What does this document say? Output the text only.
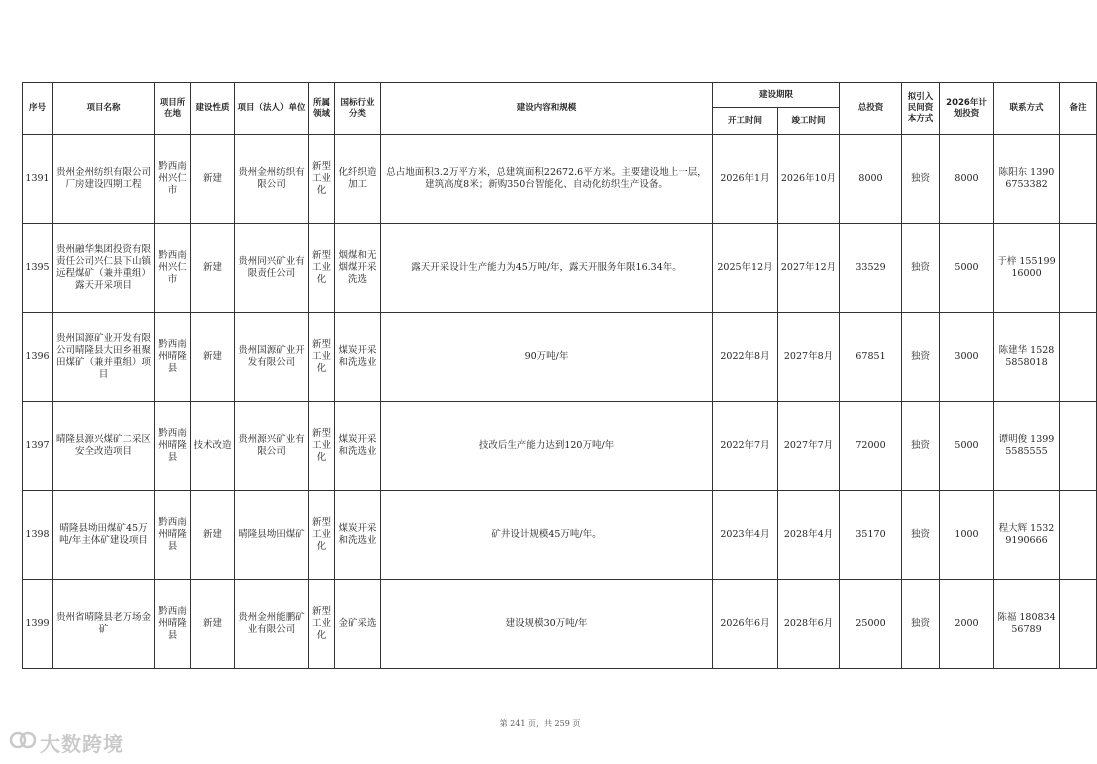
序号	项目名称	项目所在地	建设性质	项目（法人）单位	所属领域	国标行业分类	建设内容和规模	建设期限		总投资	拟引入民间资本方式	2026年计划投资	联系方式	备注
								开工时间	竣工时间					
1391	贵州金州纺织有限公司厂房建设四期工程	黔西南州兴仁市	新建	贵州金州纺织有限公司	新型工业化	化纤织造加工	总占地面积3.2万平方米，总建筑面积22672.6平方米。主要建设地上一层，建筑高度8米；新购350台智能化、自动化纺织生产设备。	2026年1月	2026年10月	8000	独资	8000	陈阳东 13906753382	
1395	贵州融华集团投资有限责任公司兴仁县下山镇远程煤矿（兼并重组）露天开采项目	黔西南州兴仁市	新建	贵州同兴矿业有限责任公司	新型工业化	烟煤和无烟煤开采洗选	露天开采设计生产能力为45万吨/年，露天开服务年限16.34年。	2025年12月	2027年12月	33529	独资	5000	于梓 15519916000	
1396	贵州国源矿业开发有限公司晴隆县大田乡祖聚田煤矿（兼并重组）项目	黔西南州晴隆县	新建	贵州国源矿业开发有限公司	新型工业化	煤炭开采和洗选业	90万吨/年	2022年8月	2027年8月	67851	独资	3000	陈建华 15285858018	
1397	晴隆县源兴煤矿二采区安全改造项目	黔西南州晴隆县	技术改造	贵州源兴矿业有限公司	新型工业化	煤炭开采和洗选业	技改后生产能力达到120万吨/年	2022年7月	2027年7月	72000	独资	5000	谭明俊 13995585555	
1398	晴隆县坳田煤矿45万吨/年主体矿建设项目	黔西南州晴隆县	新建	晴隆县坳田煤矿	新型工业化	煤炭开采和洗选业	矿井设计规模45万吨/年。	2023年4月	2028年4月	35170	独资	1000	程大辉 15329190666	
1399	贵州省晴隆县老万场金矿	黔西南州晴隆县	新建	贵州金州能鹏矿业有限公司	新型工业化	金矿采选	建设规模30万吨/年	2026年6月	2028年6月	25000	独资	2000	陈福 18083456789	
第 241 页，共 259 页
大数跨境
